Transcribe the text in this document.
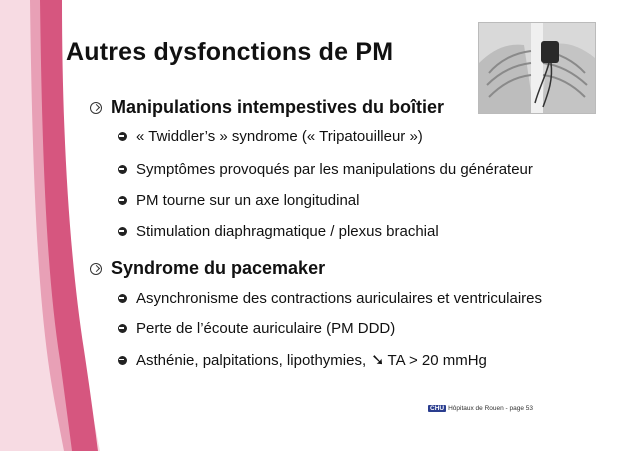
Autres dysfonctions de PM
Manipulations intempestives du boîtier
« Twiddler’s » syndrome (« Tripatouilleur »)
Symptômes provoqués par les manipulations du générateur
PM tourne sur un axe longitudinal
Stimulation diaphragmatique / plexus brachial
Syndrome du pacemaker
Asynchronisme des contractions auriculaires et ventriculaires
Perte de l’écoute auriculaire (PM DDD)
Asthénie, palpitations, lipothymies, ➘ TA > 20 mmHg
CHU Hôpitaux de Rouen - page 53
